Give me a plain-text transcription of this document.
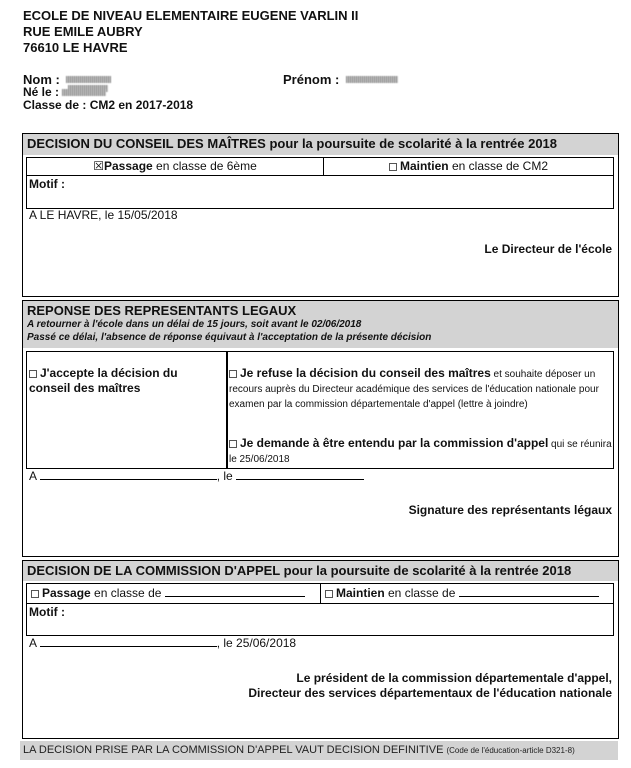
ECOLE DE NIVEAU ELEMENTAIRE EUGENE VARLIN II
RUE EMILE AUBRY
76610 LE HAVRE
Nom :	Prénom :
Né le :
Classe de : CM2 en 2017-2018
DECISION DU CONSEIL DES MAÎTRES pour la poursuite de scolarité à la rentrée 2018
☒Passage en classe de 6ème	Maintien en classe de CM2
Motif :
A LE HAVRE, le 15/05/2018
Le Directeur de l'école
REPONSE DES REPRESENTANTS LEGAUX
A retourner à l'école dans un délai de 15 jours, soit avant le 02/06/2018
Passé ce délai, l'absence de réponse équivaut à l'acceptation de la présente décision
J'accepte la décision du conseil des maîtres
Je refuse la décision du conseil des maîtres et souhaite déposer un recours auprès du Directeur académique des services de l'éducation nationale pour examen par la commission départementale d'appel (lettre à joindre)
Je demande à être entendu par la commission d'appel qui se réunira le 25/06/2018
A	, le
Signature des représentants légaux
DECISION DE LA COMMISSION D'APPEL pour la poursuite de scolarité à la rentrée 2018
Passage en classe de	Maintien en classe de
Motif :
A	, le 25/06/2018
Le président de la commission départementale d'appel,
Directeur des services départementaux de l'éducation nationale
LA DECISION PRISE PAR LA COMMISSION D'APPEL VAUT DECISION DEFINITIVE (Code de l'éducation-article D321-8)
